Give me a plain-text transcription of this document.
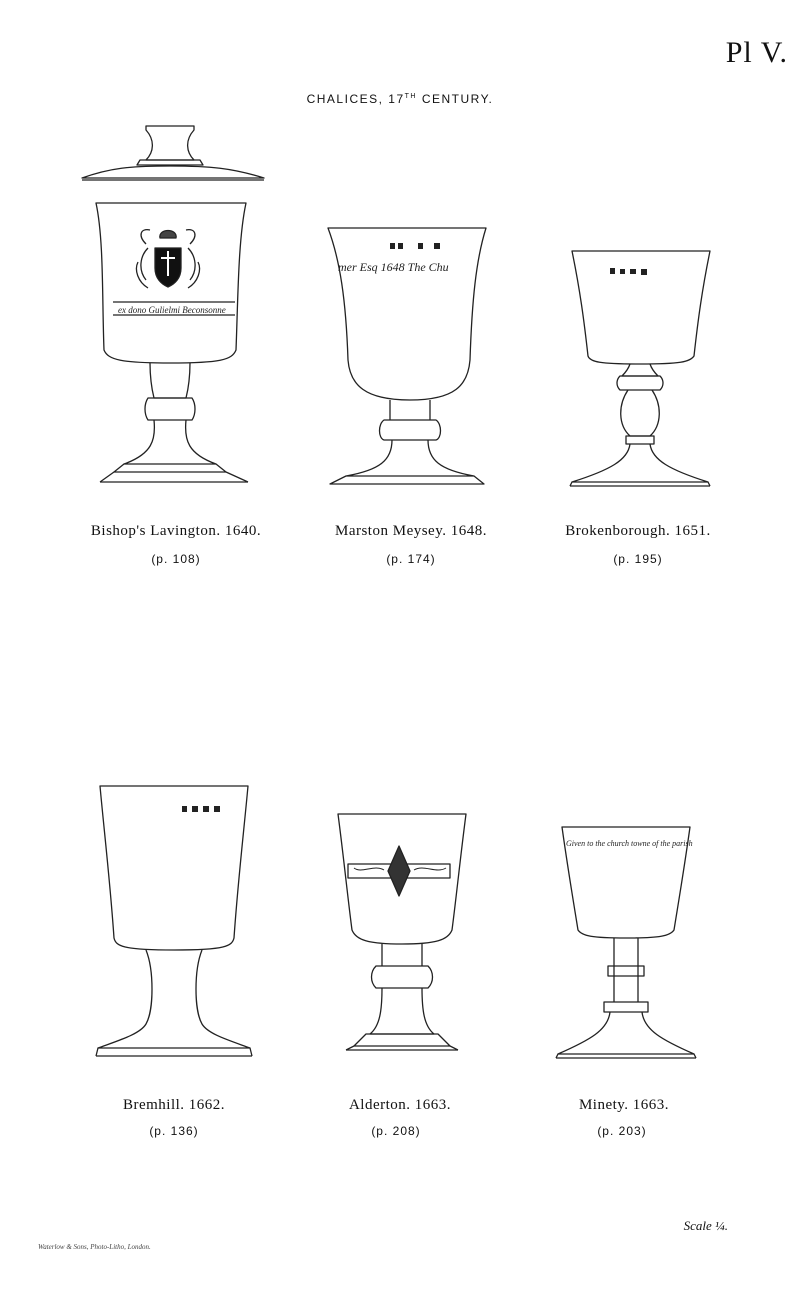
Pl V.
CHALICES, 17TH CENTURY.
ex dono Gulielmi Beconsonne
mer Esq 1648 The Chu
Given to the church towne of the parish
Bishop's Lavington. 1640.
(p. 108)
Marston Meysey. 1648.
(p. 174)
Brokenborough. 1651.
(p. 195)
Bremhill. 1662.
(p. 136)
Alderton. 1663.
(p. 208)
Minety. 1663.
(p. 203)
Scale ¼.
Waterlow & Sons, Photo-Litho, London.
